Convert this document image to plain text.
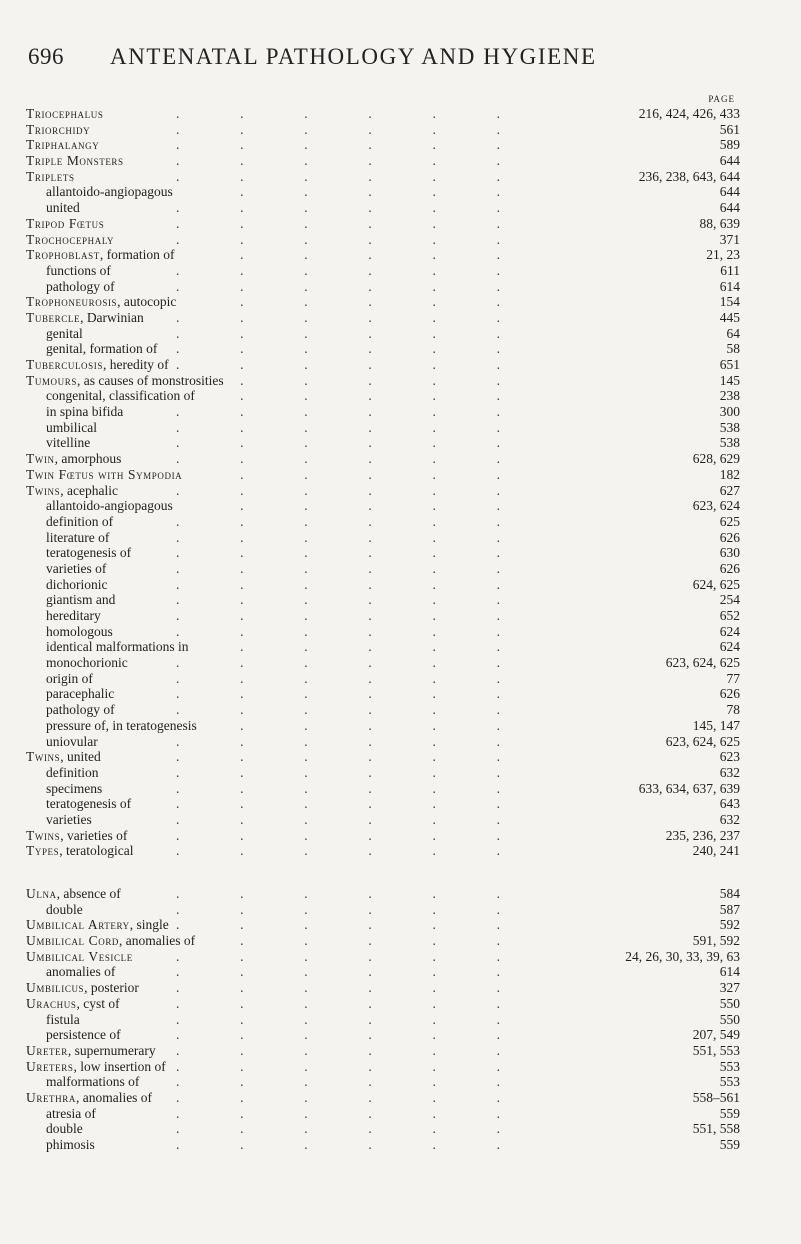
696 ANTENATAL PATHOLOGY AND HYGIENE
PAGE
.
Triocephalus	216, 424, 426, 433
.
Triorchidy	561
.
Triphalangy	589
.
Triple Monsters	644
.
Triplets	236, 238, 643, 644
.
allantoido-angiopagous	644
.
united	644
.
Tripod Fœtus	88, 639
.
Trochocephaly	371
.
Trophoblast, formation of	21, 23
.
functions of	611
.
pathology of	614
.
Trophoneurosis, autocopic	154
.
Tubercle, Darwinian	445
.
genital	64
.
genital, formation of	58
.
Tuberculosis, heredity of	651
.
Tumours, as causes of monstrosities	145
.
congenital, classification of	238
.
in spina bifida	300
.
umbilical	538
.
vitelline	538
.
Twin, amorphous	628, 629
.
Twin Fœtus with Sympodia	182
.
Twins, acephalic	627
.
allantoido-angiopagous	623, 624
.
definition of	625
.
literature of	626
.
teratogenesis of	630
.
varieties of	626
.
dichorionic	624, 625
.
giantism and	254
.
hereditary	652
.
homologous	624
.
identical malformations in	624
.
monochorionic	623, 624, 625
.
origin of	77
.
paracephalic	626
.
pathology of	78
.
pressure of, in teratogenesis	145, 147
.
uniovular	623, 624, 625
.
Twins, united	623
.
definition	632
.
specimens	633, 634, 637, 639
.
teratogenesis of	643
.
varieties	632
.
Twins, varieties of	235, 236, 237
.
Types, teratological	240, 241
.
Ulna, absence of	584
.
double	587
.
Umbilical Artery, single	592
.
Umbilical Cord, anomalies of	591, 592
.
Umbilical Vesicle	24, 26, 30, 33, 39, 63
.
anomalies of	614
.
Umbilicus, posterior	327
.
Urachus, cyst of	550
.
fistula	550
.
persistence of	207, 549
.
Ureter, supernumerary	551, 553
.
Ureters, low insertion of	553
.
malformations of	553
.
Urethra, anomalies of	558–561
.
atresia of	559
.
double	551, 558
.
phimosis	559
